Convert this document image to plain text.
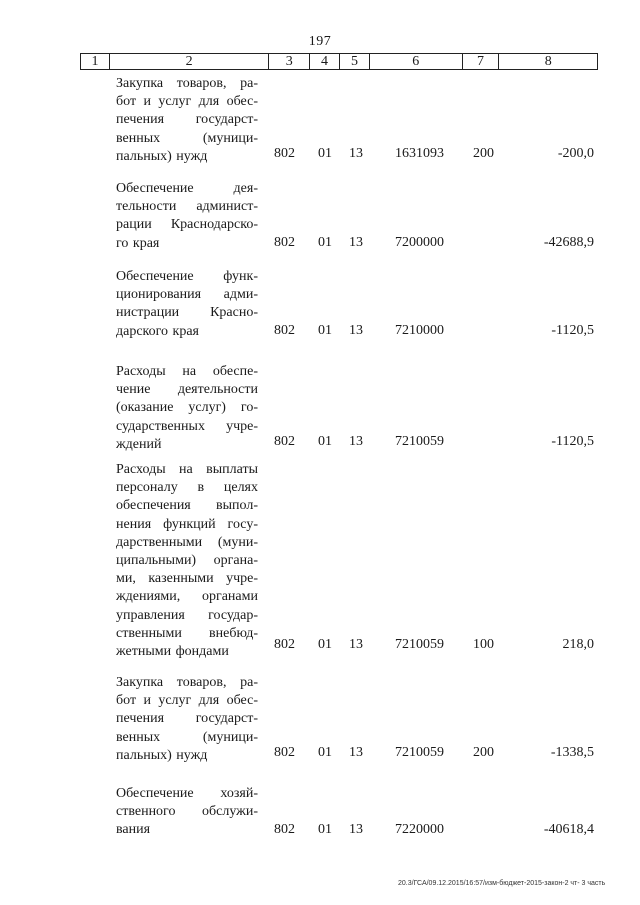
197
1	2	3	4	5	6	7	8
Закупка товаров, ра-
бот и услуг для обес-
печения государст-
венных (муници-
пальных) нужд	802 01 13 1631093 200	-200,0
Обеспечение дея-
тельности админист-
рации Краснодарско-
го края	802 01 13 7200000	-42688,9
Обеспечение функ-
ционирования адми-
нистрации Красно-
дарского края	802 01 13 7210000	-1120,5
Расходы на обеспе-
чение деятельности
(оказание услуг) го-
сударственных учре-
ждений	802 01 13 7210059	-1120,5
Расходы на выплаты
персоналу в целях
обеспечения выпол-
нения функций госу-
дарственными (муни-
ципальными) органа-
ми, казенными учре-
ждениями, органами
управления государ-
ственными внебюд-
жетными фондами	802 01 13 7210059 100	218,0
Закупка товаров, ра-
бот и услуг для обес-
печения государст-
венных (муници-
пальных) нужд	802 01 13 7210059 200	-1338,5
Обеспечение хозяй-
ственного обслужи-
вания	802 01 13 7220000	-40618,4
20.3/ГСА/09.12.2015/16:57/изм-бюджет-2015-закон-2 чт- 3 часть
